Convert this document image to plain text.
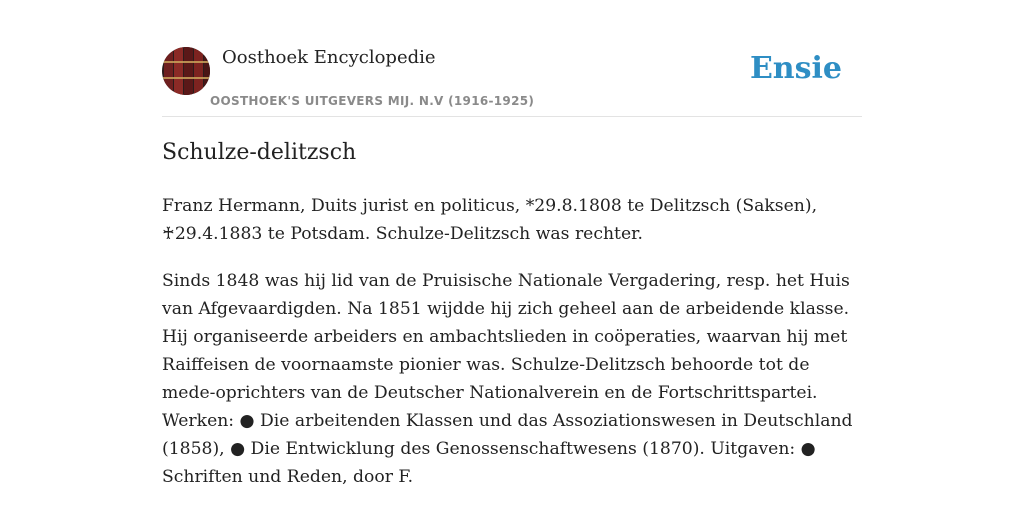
Oosthoek Encyclopedie
OOSTHOEK'S UITGEVERS MIJ. N.V (1916-1925)
Ensie
Schulze-delitzsch

Franz Hermann, Duits jurist en politicus, *29.8.1808 te Delitzsch (Saksen), ♰29.4.1883 te Potsdam. Schulze-Delitzsch was rechter.

Sinds 1848 was hij lid van de Pruisische Nationale Vergadering, resp. het Huis van Afgevaardigden. Na 1851 wijdde hij zich geheel aan de arbeidende klasse. Hij organiseerde arbeiders en ambachtslieden in coöperaties, waarvan hij met Raiffeisen de voornaamste pionier was. Schulze-Delitzsch behoorde tot de mede-oprichters van de Deutscher Nationalverein en de Fortschrittspartei. Werken: ● Die arbeitenden Klassen und das Assoziationswesen in Deutschland (1858), ● Die Entwicklung des Genossenschaftwesens (1870). Uitgaven: ● Schriften und Reden, door F.
